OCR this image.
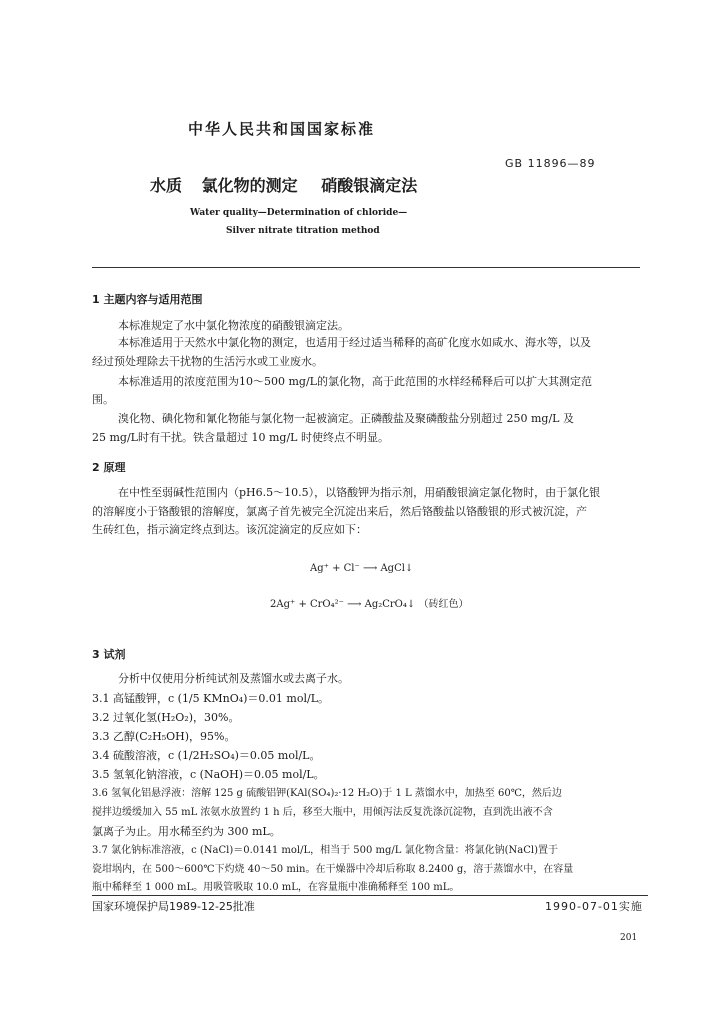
中华人民共和国国家标准
GB 11896—89
水质 氯化物的测定 硝酸银滴定法
Water quality—Determination of chloride—
Silver nitrate titration method
1 主题内容与适用范围
本标准规定了水中氯化物浓度的硝酸银滴定法。
本标准适用于天然水中氯化物的测定，也适用于经过适当稀释的高矿化度水如咸水、海水等，以及
经过预处理除去干扰物的生活污水或工业废水。
本标准适用的浓度范围为10～500 mg/L的氯化物，高于此范围的水样经稀释后可以扩大其测定范
围。
溴化物、碘化物和氰化物能与氯化物一起被滴定。正磷酸盐及聚磷酸盐分别超过 250 mg/L 及
25 mg/L时有干扰。铁含量超过 10 mg/L 时使终点不明显。
2 原理
在中性至弱碱性范围内（pH6.5～10.5），以铬酸钾为指示剂，用硝酸银滴定氯化物时，由于氯化银
的溶解度小于铬酸银的溶解度，氯离子首先被完全沉淀出来后，然后铬酸盐以铬酸银的形式被沉淀，产
生砖红色，指示滴定终点到达。该沉淀滴定的反应如下：
Ag⁺ + Cl⁻ ⟶ AgCl↓
2Ag⁺ + CrO₄²⁻ ⟶ Ag₂CrO₄↓ （砖红色）
3 试剂
分析中仅使用分析纯试剂及蒸馏水或去离子水。
3.1 高锰酸钾，c (1/5 KMnO₄)＝0.01 mol/L。
3.2 过氧化氢(H₂O₂)，30%。
3.3 乙醇(C₂H₅OH)，95%。
3.4 硫酸溶液，c (1/2H₂SO₄)＝0.05 mol/L。
3.5 氢氧化钠溶液，c (NaOH)＝0.05 mol/L。
3.6 氢氧化铝悬浮液：溶解 125 g 硫酸铝钾(KAl(SO₄)₂·12 H₂O)于 1 L 蒸馏水中，加热至 60℃，然后边
搅拌边缓缓加入 55 mL 浓氨水放置约 1 h 后，移至大瓶中，用倾泻法反复洗涤沉淀物，直到洗出液不含
氯离子为止。用水稀至约为 300 mL。
3.7 氯化钠标准溶液，c (NaCl)＝0.0141 mol/L，相当于 500 mg/L 氯化物含量：将氯化钠(NaCl)置于
瓷坩埚内，在 500～600℃下灼烧 40～50 min。在干燥器中冷却后称取 8.2400 g，溶于蒸馏水中，在容量
瓶中稀释至 1 000 mL。用吸管吸取 10.0 mL，在容量瓶中准确稀释至 100 mL。
国家环境保护局1989-12-25批准	1990-07-01实施
201
